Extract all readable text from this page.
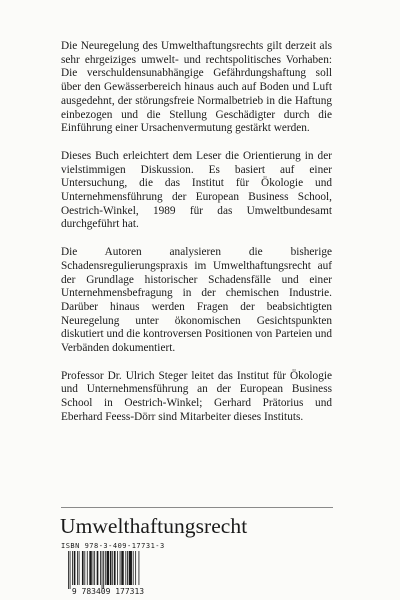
Die Neuregelung des Umwelthaftungsrechts gilt derzeit als sehr ehrgeiziges umwelt- und rechtspolitisches Vorhaben: Die verschuldensunabhängige Gefährdungshaftung soll über den Gewässerbereich hinaus auch auf Boden und Luft ausgedehnt, der störungsfreie Normalbetrieb in die Haftung einbezogen und die Stellung Geschädigter durch die Einführung einer Ursachenvermutung gestärkt werden.

Dieses Buch erleichtert dem Leser die Orientierung in der vielstimmigen Diskussion. Es basiert auf einer Untersuchung, die das Institut für Ökologie und Unternehmensführung der European Business School, Oestrich-Winkel, 1989 für das Umweltbundesamt durchgeführt hat.

Die Autoren analysieren die bisherige Schadensregulierungspraxis im Umwelthaftungsrecht auf der Grundlage historischer Schadensfälle und einer Unternehmensbefragung in der chemischen Industrie. Darüber hinaus werden Fragen der beabsichtigten Neuregelung unter ökonomischen Gesichtspunkten diskutiert und die kontroversen Positionen von Parteien und Verbänden dokumentiert.

Professor Dr. Ulrich Steger leitet das Institut für Ökologie und Unternehmensführung an der European Business School in Oestrich-Winkel; Gerhard Prätorius und Eberhard Feess-Dörr sind Mitarbeiter dieses Instituts.

Umwelthaftungsrecht
ISBN 978-3-409-17731-3
9 783409 177313
